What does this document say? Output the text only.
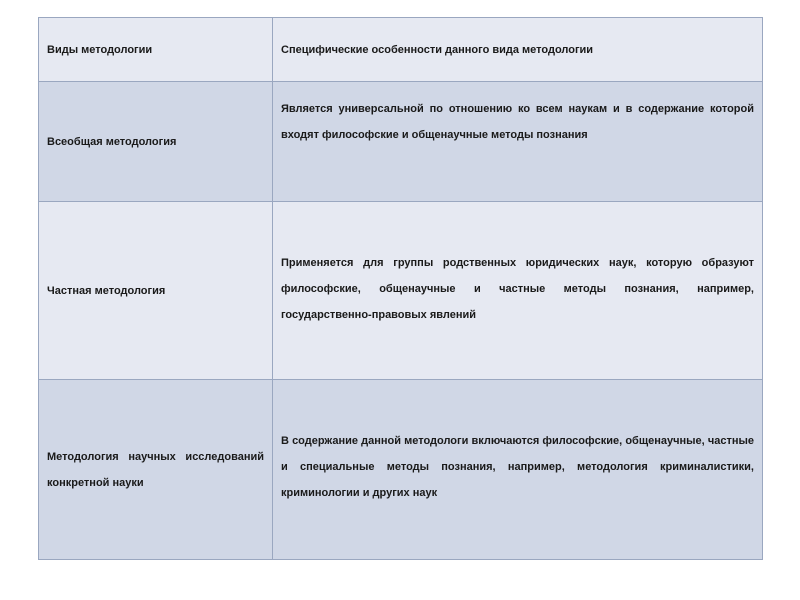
Виды методологии	Специфические особенности данного вида методологии
Всеобщая методология	Является универсальной по отношению ко всем наукам и в содержание которой входят философские и общенаучные методы познания
Частная методология	Применяется для группы родственных юридических наук, которую образуют философские, общенаучные и частные методы познания, например, государственно-правовых явлений
Методология научных исследований конкретной науки	В содержание данной методологи включаются философские, общенаучные, частные и специальные методы познания, например, методология криминалистики, криминологии и других наук
